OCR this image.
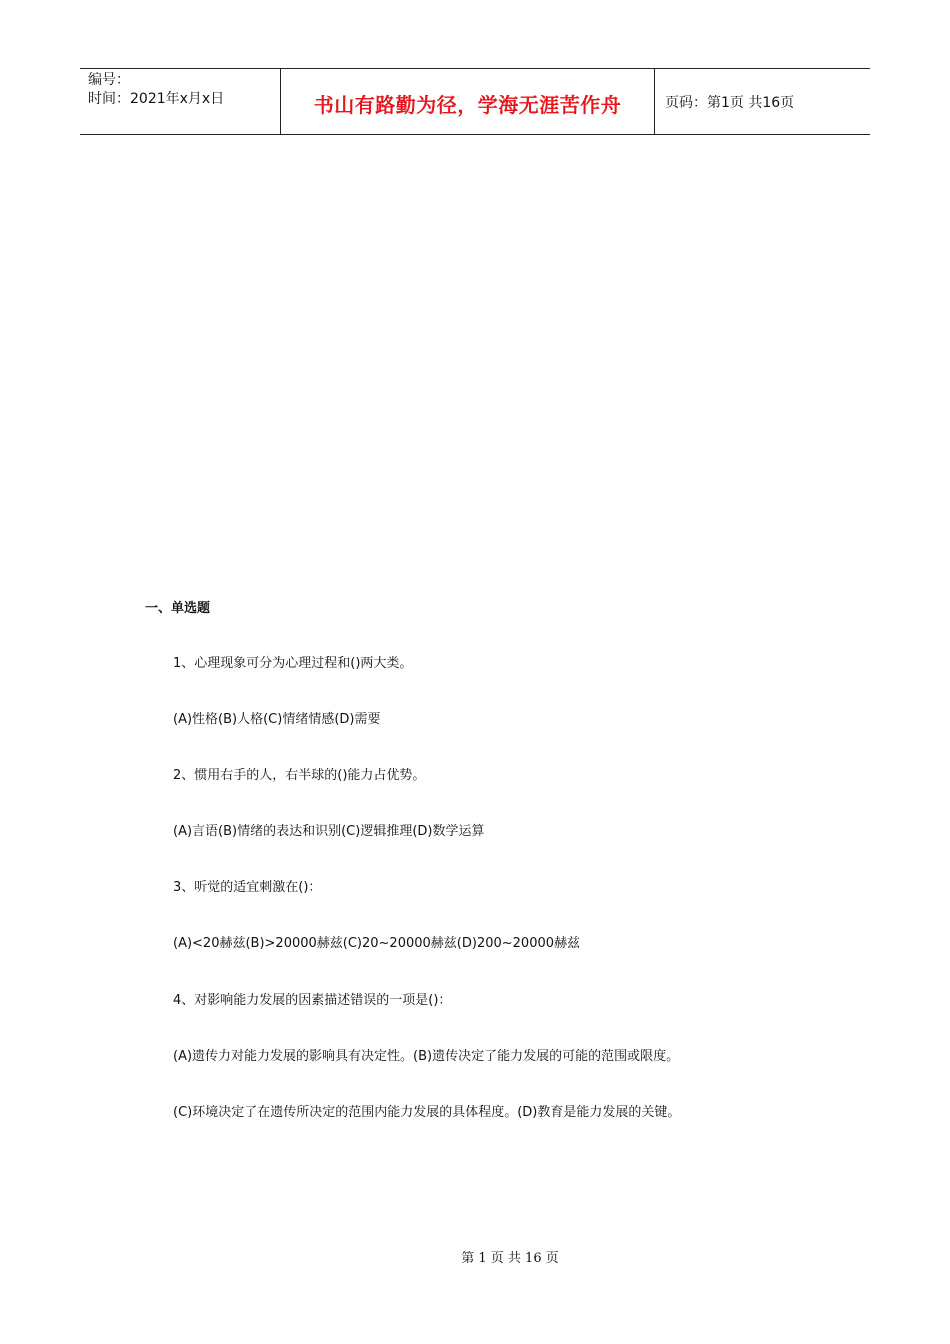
编号：
时间：2021年x月x日	书山有路勤为径，学海无涯苦作舟	页码：第1页 共16页
一、单选题
1、心理现象可分为心理过程和()两大类。
(A)性格(B)人格(C)情绪情感(D)需要
2、惯用右手的人，右半球的()能力占优势。
(A)言语(B)情绪的表达和识别(C)逻辑推理(D)数学运算
3、听觉的适宜刺激在()：
(A)<20赫兹(B)>20000赫兹(C)20~20000赫兹(D)200~20000赫兹
4、对影响能力发展的因素描述错误的一项是()：
(A)遗传力对能力发展的影响具有决定性。(B)遗传决定了能力发展的可能的范围或限度。
(C)环境决定了在遗传所决定的范围内能力发展的具体程度。(D)教育是能力发展的关键。
第 1 页 共 16 页
